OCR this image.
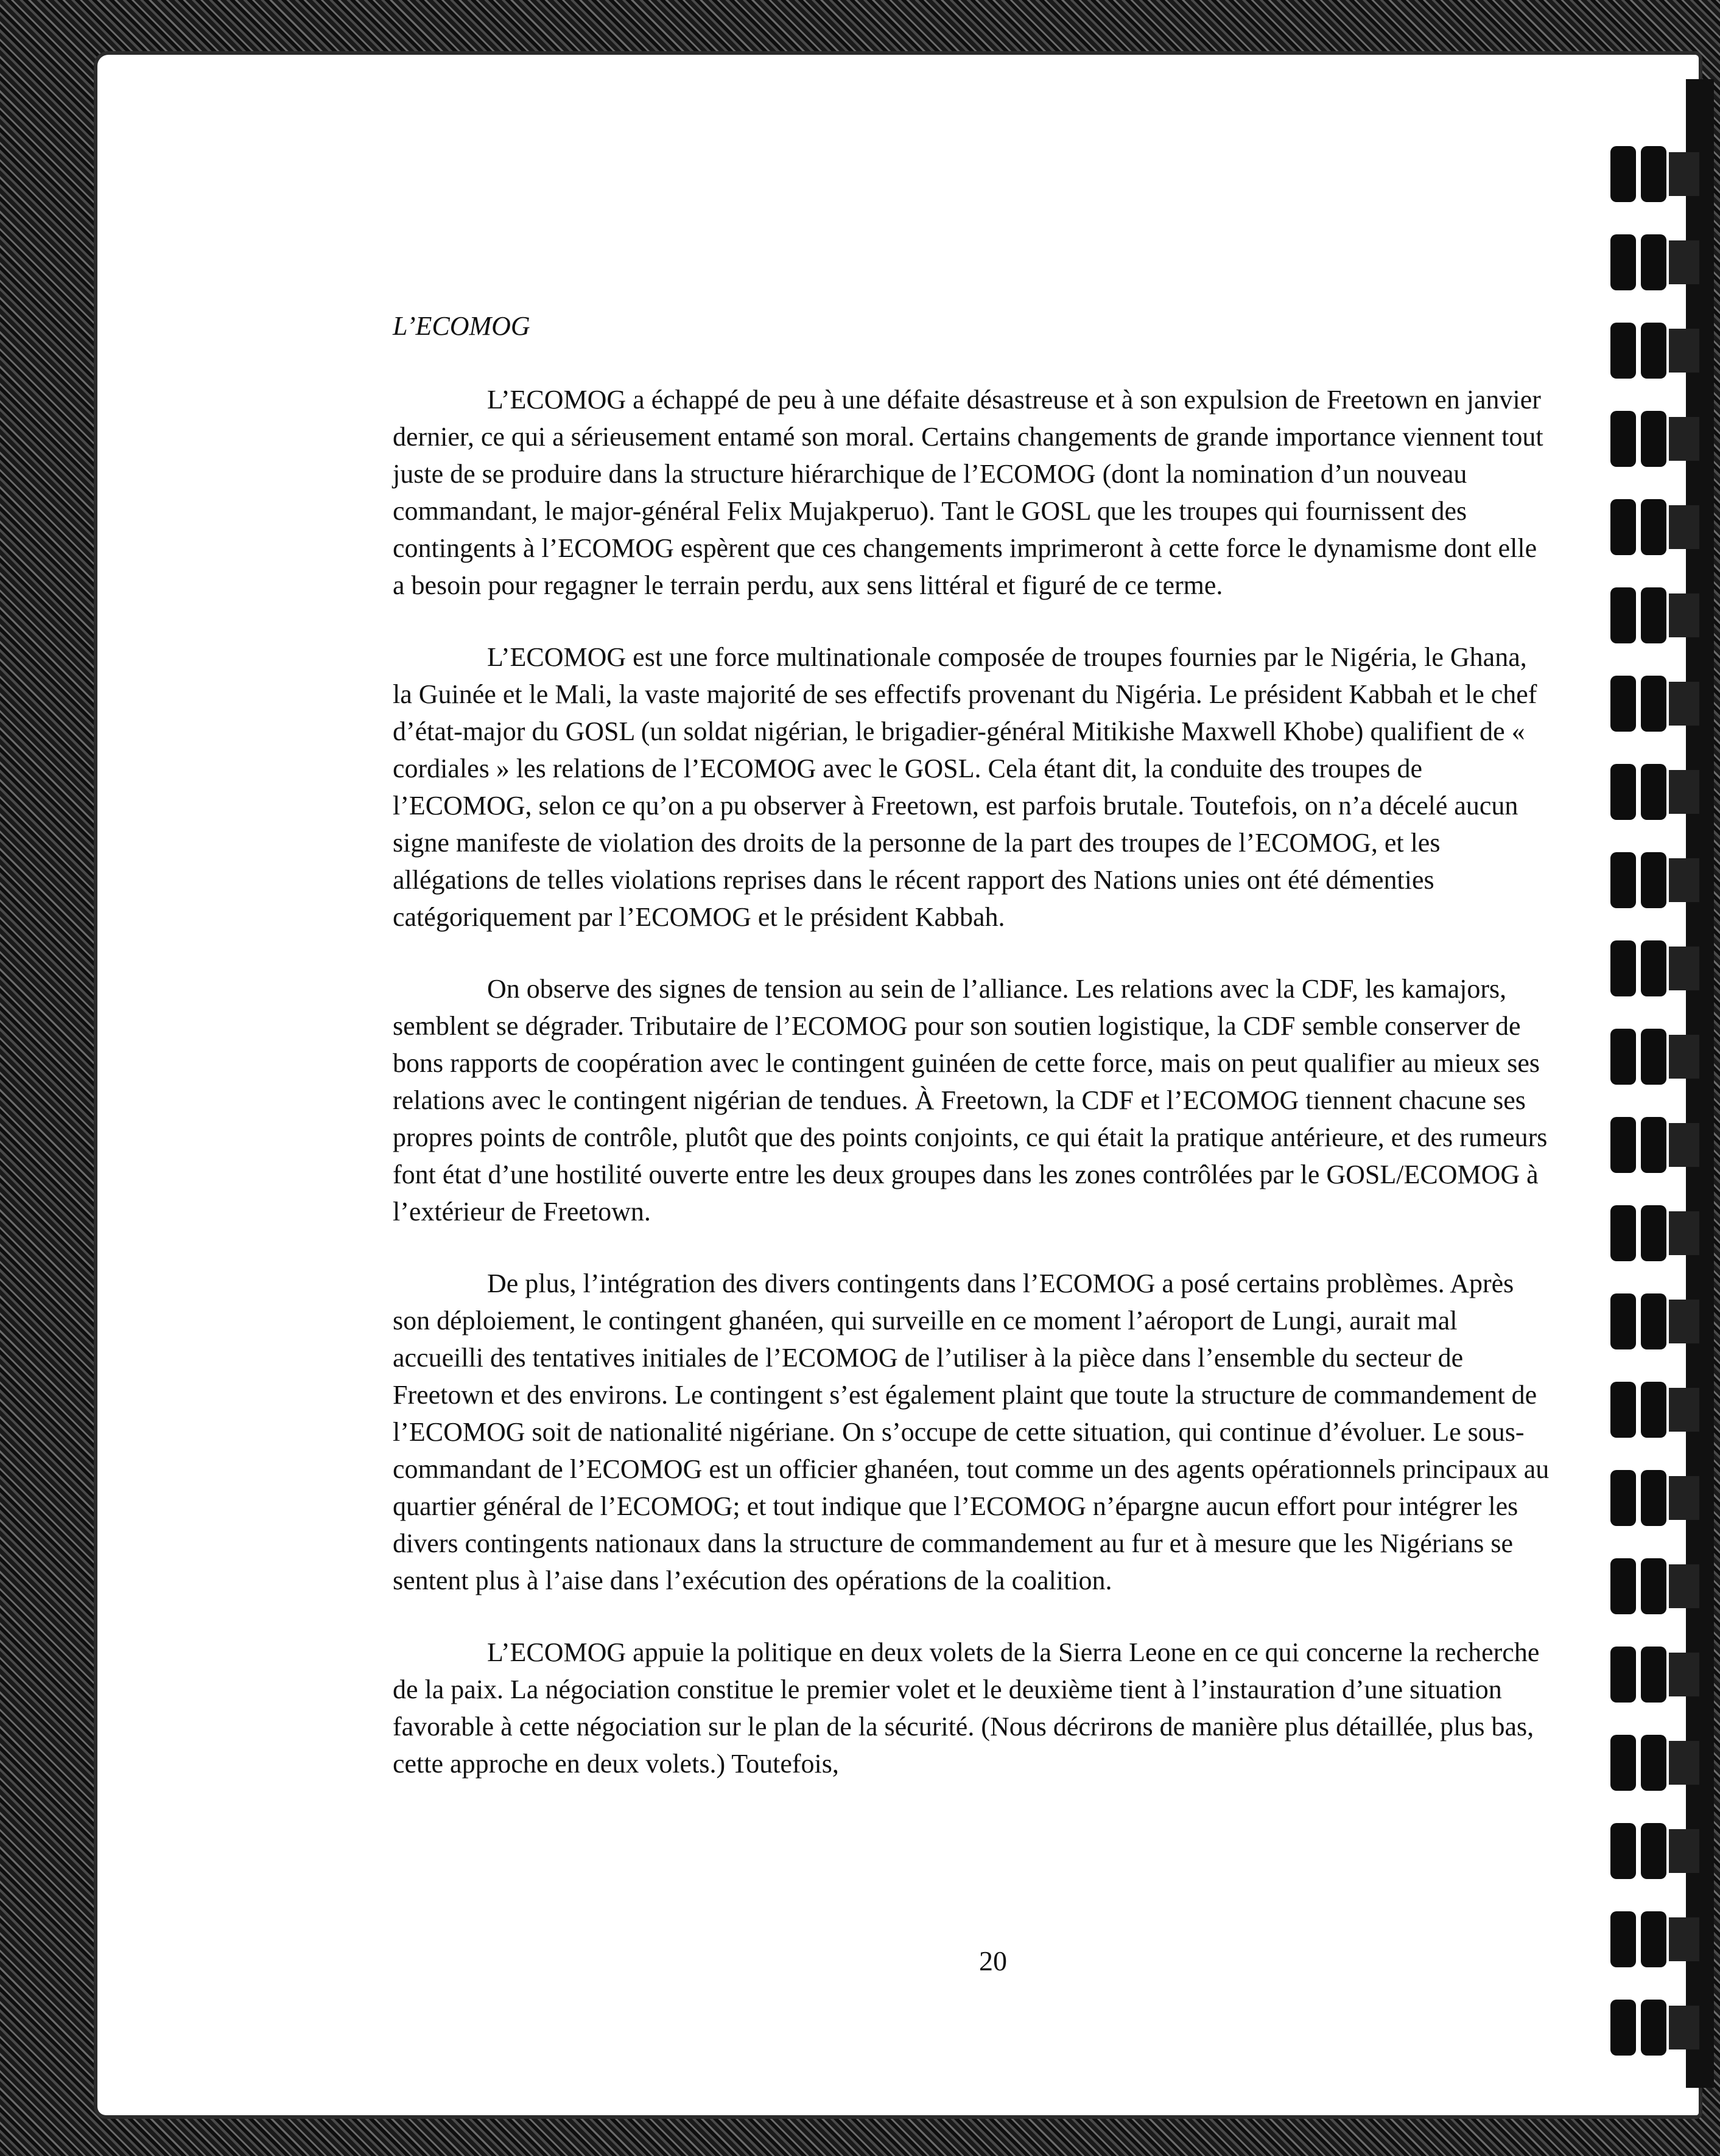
L’ECOMOG

L’ECOMOG a échappé de peu à une défaite désastreuse et à son expulsion de Freetown en janvier dernier, ce qui a sérieusement entamé son moral. Certains changements de grande importance viennent tout juste de se produire dans la structure hiérarchique de l’ECOMOG (dont la nomination d’un nouveau commandant, le major-général Felix Mujakperuo). Tant le GOSL que les troupes qui fournissent des contingents à l’ECOMOG espèrent que ces changements imprimeront à cette force le dynamisme dont elle a besoin pour regagner le terrain perdu, aux sens littéral et figuré de ce terme.

L’ECOMOG est une force multinationale composée de troupes fournies par le Nigéria, le Ghana, la Guinée et le Mali, la vaste majorité de ses effectifs provenant du Nigéria. Le président Kabbah et le chef d’état-major du GOSL (un soldat nigérian, le brigadier-général Mitikishe Maxwell Khobe) qualifient de « cordiales » les relations de l’ECOMOG avec le GOSL. Cela étant dit, la conduite des troupes de l’ECOMOG, selon ce qu’on a pu observer à Freetown, est parfois brutale. Toutefois, on n’a décelé aucun signe manifeste de violation des droits de la personne de la part des troupes de l’ECOMOG, et les allégations de telles violations reprises dans le récent rapport des Nations unies ont été démenties catégoriquement par l’ECOMOG et le président Kabbah.

On observe des signes de tension au sein de l’alliance. Les relations avec la CDF, les kamajors, semblent se dégrader. Tributaire de l’ECOMOG pour son soutien logistique, la CDF semble conserver de bons rapports de coopération avec le contingent guinéen de cette force, mais on peut qualifier au mieux ses relations avec le contingent nigérian de tendues. À Freetown, la CDF et l’ECOMOG tiennent chacune ses propres points de contrôle, plutôt que des points conjoints, ce qui était la pratique antérieure, et des rumeurs font état d’une hostilité ouverte entre les deux groupes dans les zones contrôlées par le GOSL/ECOMOG à l’extérieur de Freetown.

De plus, l’intégration des divers contingents dans l’ECOMOG a posé certains problèmes. Après son déploiement, le contingent ghanéen, qui surveille en ce moment l’aéroport de Lungi, aurait mal accueilli des tentatives initiales de l’ECOMOG de l’utiliser à la pièce dans l’ensemble du secteur de Freetown et des environs. Le contingent s’est également plaint que toute la structure de commandement de l’ECOMOG soit de nationalité nigériane. On s’occupe de cette situation, qui continue d’évoluer. Le sous-commandant de l’ECOMOG est un officier ghanéen, tout comme un des agents opérationnels principaux au quartier général de l’ECOMOG; et tout indique que l’ECOMOG n’épargne aucun effort pour intégrer les divers contingents nationaux dans la structure de commandement au fur et à mesure que les Nigérians se sentent plus à l’aise dans l’exécution des opérations de la coalition.

L’ECOMOG appuie la politique en deux volets de la Sierra Leone en ce qui concerne la recherche de la paix. La négociation constitue le premier volet et le deuxième tient à l’instauration d’une situation favorable à cette négociation sur le plan de la sécurité. (Nous décrirons de manière plus détaillée, plus bas, cette approche en deux volets.) Toutefois,

20
